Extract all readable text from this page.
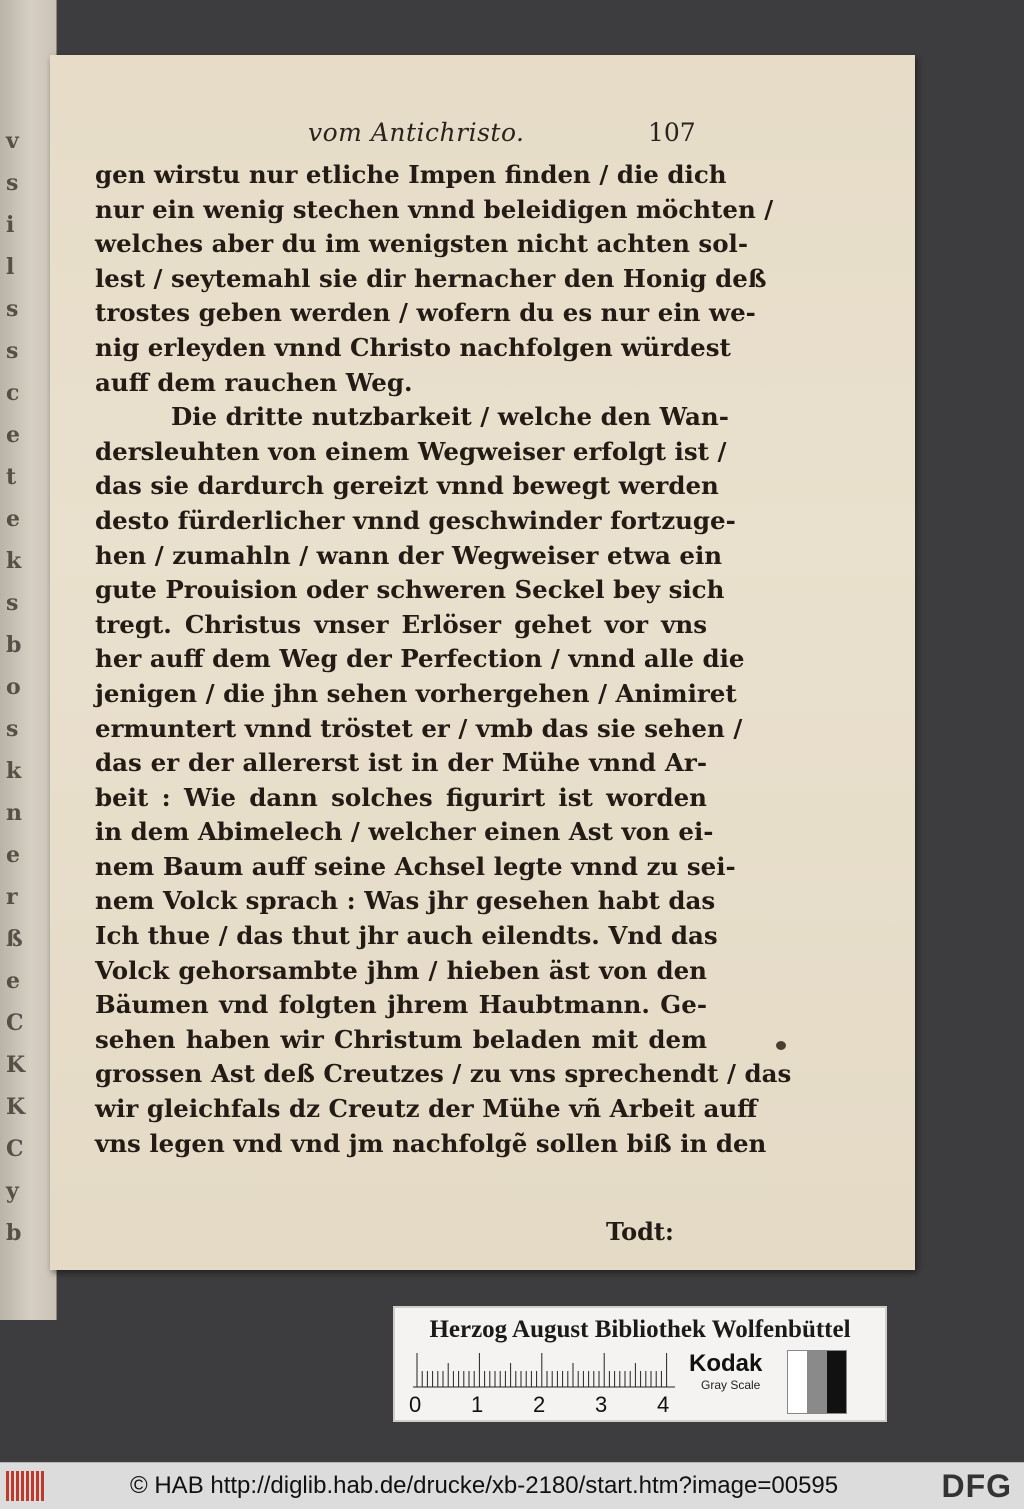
v
s
i
l
s
s
c
e
t
e
k
s
b
o
s
k
n
e
r
ß
e
C
K
K
C
y
b
vom Antichristo.	107
gen wirstu nur etliche Impen finden / die dich
nur ein wenig stechen vnnd beleidigen möchten /
welches aber du im wenigsten nicht achten sol-
lest / seytemahl sie dir hernacher den Honig deß
trostes geben werden / wofern du es nur ein we-
nig erleyden vnnd Christo nachfolgen würdest
auff dem rauchen Weg.
Die dritte nutzbarkeit / welche den Wan-
dersleuhten von einem Wegweiser erfolgt ist /
das sie dardurch gereizt vnnd bewegt werden
desto fürderlicher vnnd geschwinder fortzuge-
hen / zumahln / wann der Wegweiser etwa ein
gute Prouision oder schweren Seckel bey sich
tregt. Christus vnser Erlöser gehet vor vns
her auff dem Weg der Perfection / vnnd alle die
jenigen / die jhn sehen vorhergehen / Animiret
ermuntert vnnd tröstet er / vmb das sie sehen /
das er der allererst ist in der Mühe vnnd Ar-
beit : Wie dann solches figurirt ist worden
in dem Abimelech / welcher einen Ast von ei-
nem Baum auff seine Achsel legte vnnd zu sei-
nem Volck sprach : Was jhr gesehen habt das
Ich thue / das thut jhr auch eilendts. Vnd das
Volck gehorsambte jhm / hieben äst von den
Bäumen vnd folgten jhrem Haubtmann. Ge-
sehen haben wir Christum beladen mit dem
grossen Ast deß Creutzes / zu vns sprechendt / das
wir gleichfals dz Creutz der Mühe vñ Arbeit auff
vns legen vnd vnd jm nachfolgẽ sollen biß in den
Todt:
Herzog August Bibliothek Wolfenbüttel
0 1 2 3 4
Kodak
Gray Scale
© HAB http://diglib.hab.de/drucke/xb-2180/start.htm?image=00595	DFG
